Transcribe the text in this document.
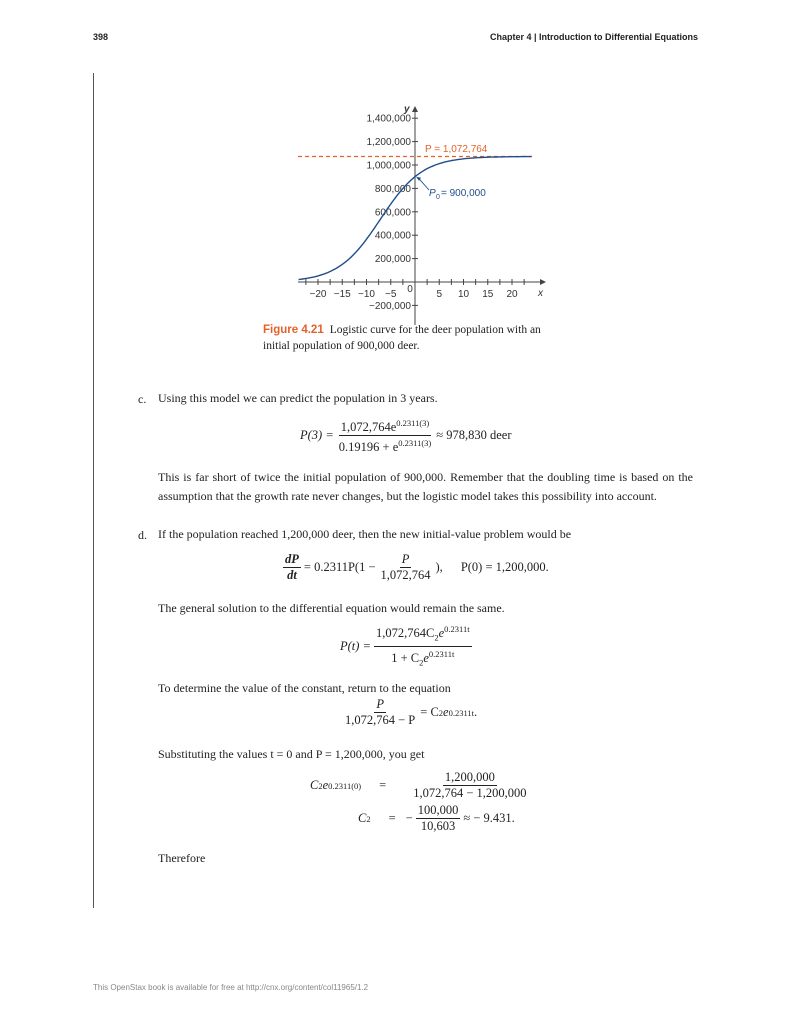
398	Chapter 4 | Introduction to Differential Equations
1,400,000
1,200,000
1,000,000
800,000
600,000
400,000
200,000
−200,000
−20 −15 −10 −5 0 5 10 15 20
y
x
P = 1,072,764
P 0 = 900,000
Figure 4.21 Logistic curve for the deer population with an initial population of 900,000 deer.
c. Using this model we can predict the population in 3 years.
$P(3) = \frac{1,072,764e^{0.2311(3)}}{0.19196 + e^{0.2311(3)}} \approx 978,830$ deer
This is far short of twice the initial population of 900,000. Remember that the doubling time is based on the assumption that the growth rate never changes, but the logistic model takes this possibility into account.
d. If the population reached 1,200,000 deer, then the new initial-value problem would be
$\frac{dP}{dt} = 0.2311P(1 - \frac{P}{1,072,764}$ ), P(0) = 1,200,000.
The general solution to the differential equation would remain the same.
$P(t) = \frac{1,072,764C_2e^{0.2311t}}{1 + C_2e^{0.2311t}}$
To determine the value of the constant, return to the equation
$\frac{P}{1,072,764 - P} = C$ 2 e 0.2311t .
Substituting the values t = 0 and P = 1,200,000, you get
C 2 e $0.2311(0) = \frac{1,200,000}{1,072,764 - 1,200,000}$
C 2 = − $\frac{100,000}{10,603}$ ≈ − 9.431.
Therefore
This OpenStax book is available for free at http://cnx.org/content/col11965/1.2
